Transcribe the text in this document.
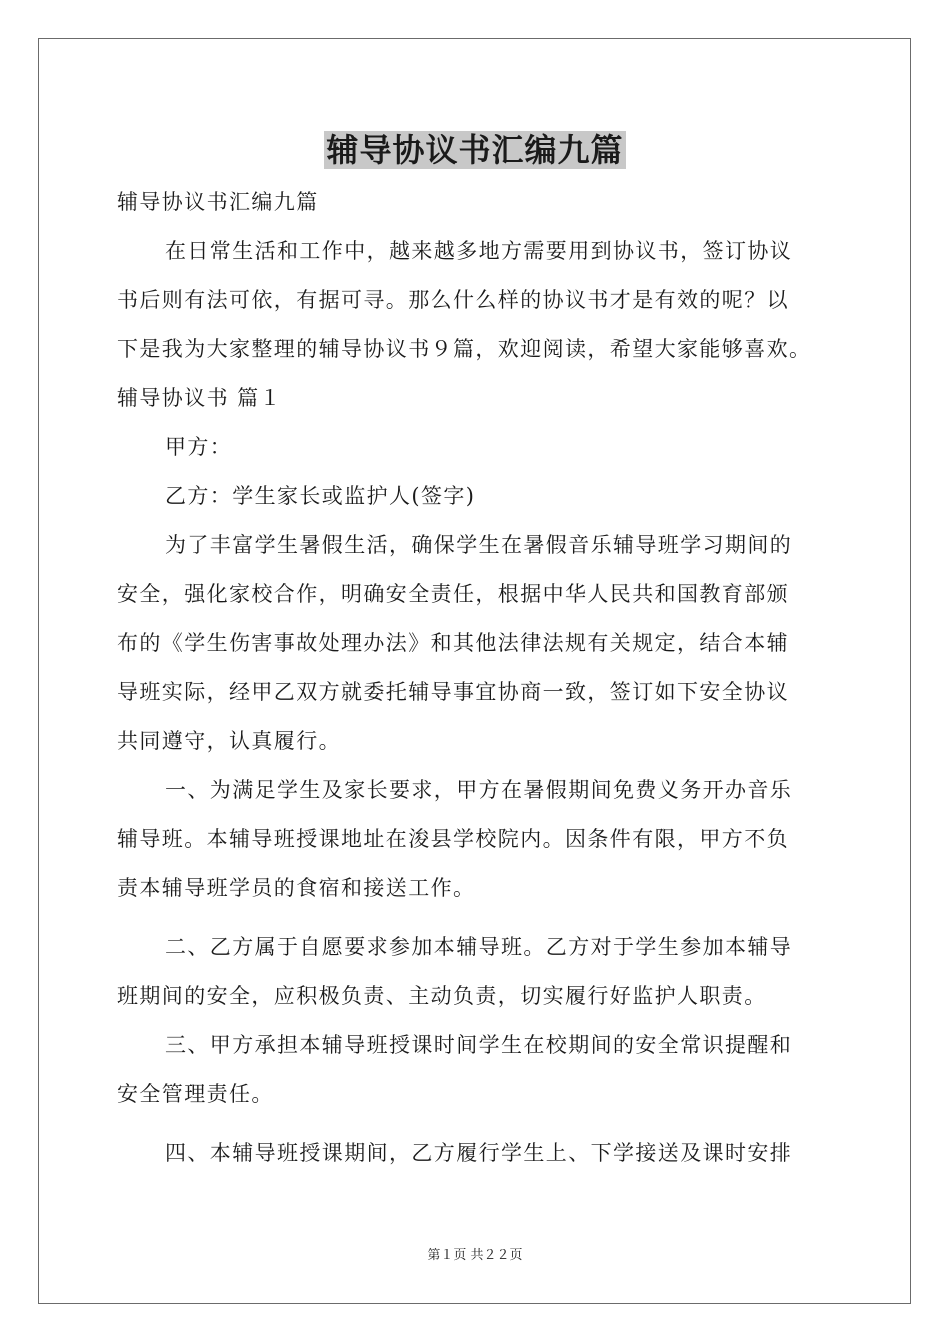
辅导协议书汇编九篇
辅导协议书汇编九篇
在日常生活和工作中，越来越多地方需要用到协议书，签订协议
书后则有法可依，有据可寻。那么什么样的协议书才是有效的呢？以
下是我为大家整理的辅导协议书９篇，欢迎阅读，希望大家能够喜欢。
辅导协议书 篇１
甲方：
乙方：学生家长或监护人(签字)
为了丰富学生暑假生活，确保学生在暑假音乐辅导班学习期间的
安全，强化家校合作，明确安全责任，根据中华人民共和国教育部颁
布的《学生伤害事故处理办法》和其他法律法规有关规定，结合本辅
导班实际，经甲乙双方就委托辅导事宜协商一致，签订如下安全协议
共同遵守，认真履行。
一、为满足学生及家长要求，甲方在暑假期间免费义务开办音乐
辅导班。本辅导班授课地址在浚县学校院内。因条件有限，甲方不负
责本辅导班学员的食宿和接送工作。
二、乙方属于自愿要求参加本辅导班。乙方对于学生参加本辅导
班期间的安全，应积极负责、主动负责，切实履行好监护人职责。
三、甲方承担本辅导班授课时间学生在校期间的安全常识提醒和
安全管理责任。
四、本辅导班授课期间，乙方履行学生上、下学接送及课时安排
第１页 共２２页
